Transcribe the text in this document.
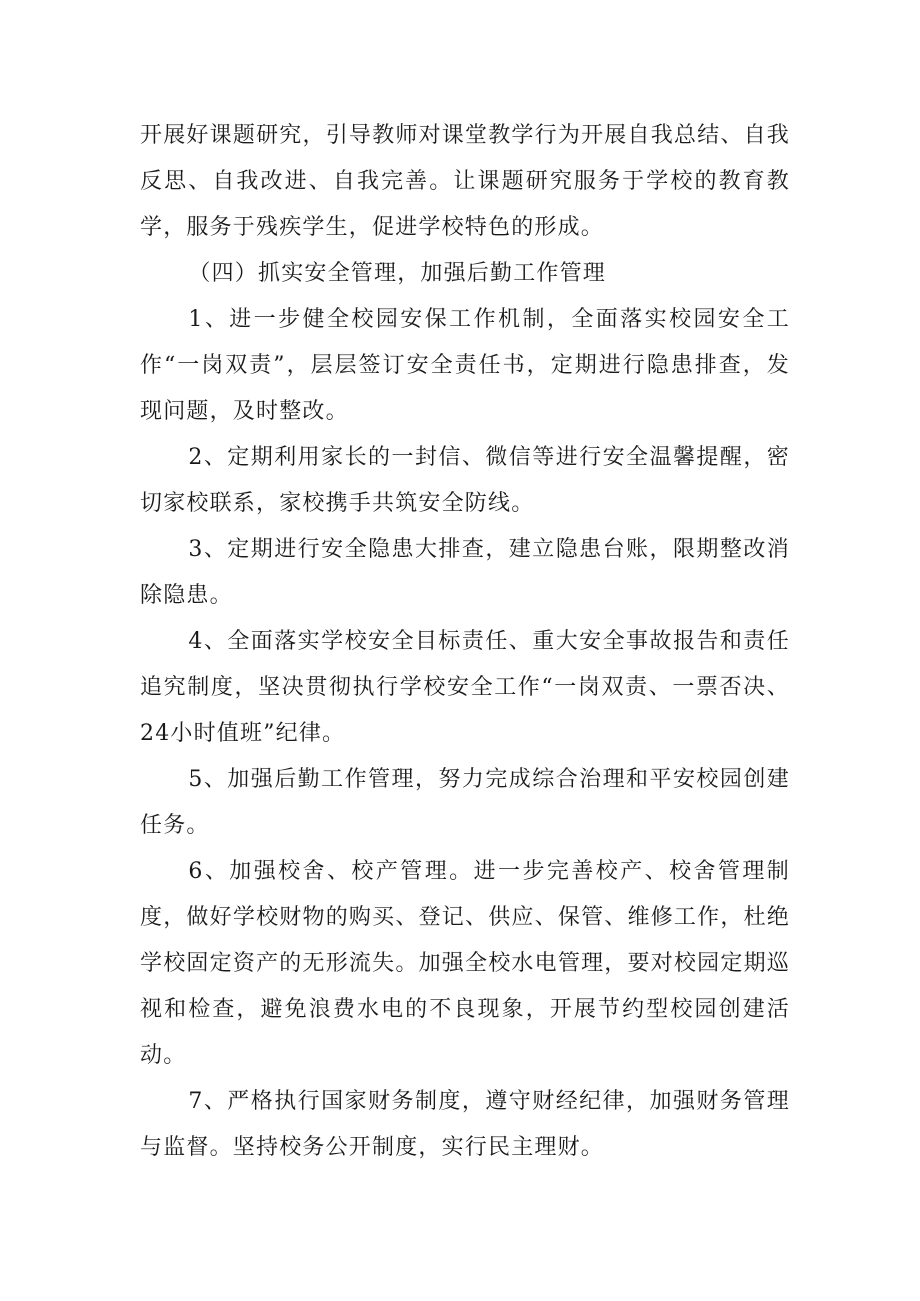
开展好课题研究，引导教师对课堂教学行为开展自我总结、自我反思、自我改进、自我完善。让课题研究服务于学校的教育教学，服务于残疾学生，促进学校特色的形成。

（四）抓实安全管理，加强后勤工作管理

1、进一步健全校园安保工作机制，全面落实校园安全工作“一岗双责”，层层签订安全责任书，定期进行隐患排查，发现问题，及时整改。

2、定期利用家长的一封信、微信等进行安全温馨提醒，密切家校联系，家校携手共筑安全防线。

3、定期进行安全隐患大排查，建立隐患台账，限期整改消除隐患。

4、全面落实学校安全目标责任、重大安全事故报告和责任追究制度，坚决贯彻执行学校安全工作“一岗双责、一票否决、24小时值班”纪律。

5、加强后勤工作管理，努力完成综合治理和平安校园创建任务。

6、加强校舍、校产管理。进一步完善校产、校舍管理制度，做好学校财物的购买、登记、供应、保管、维修工作，杜绝学校固定资产的无形流失。加强全校水电管理，要对校园定期巡视和检查，避免浪费水电的不良现象，开展节约型校园创建活动。

7、严格执行国家财务制度，遵守财经纪律，加强财务管理与监督。坚持校务公开制度，实行民主理财。
